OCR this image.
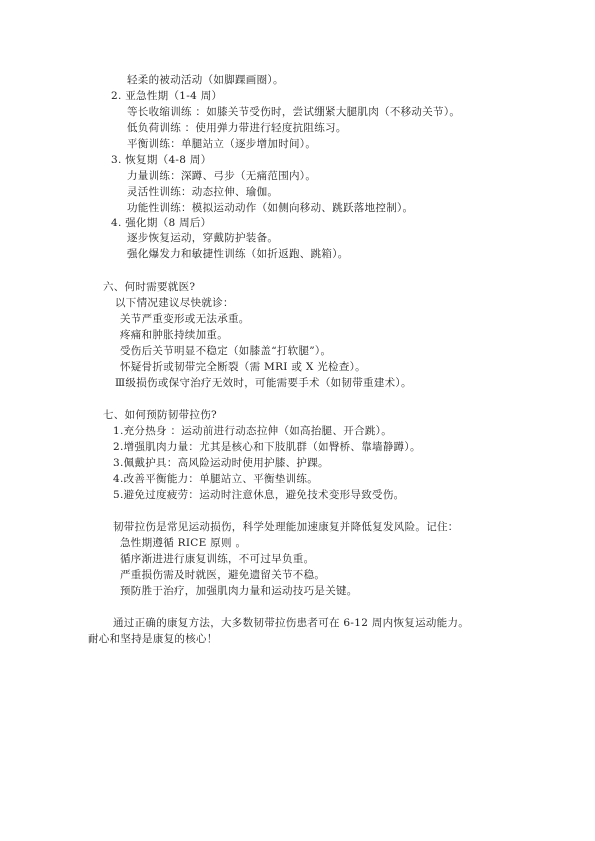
轻柔的被动活动（如脚踝画圈）。
2. 亚急性期（1-4 周）
等长收缩训练 ：如膝关节受伤时，尝试绷紧大腿肌肉（不移动关节）。
低负荷训练 ：使用弹力带进行轻度抗阻练习。
平衡训练：单腿站立（逐步增加时间）。
3. 恢复期（4-8 周）
力量训练：深蹲、弓步（无痛范围内）。
灵活性训练：动态拉伸、瑜伽。
功能性训练：模拟运动动作（如侧向移动、跳跃落地控制）。
4. 强化期（8 周后）
逐步恢复运动，穿戴防护装备。
强化爆发力和敏捷性训练（如折返跑、跳箱）。
六、何时需要就医?
以下情况建议尽快就诊：
关节严重变形或无法承重。
疼痛和肿胀持续加重。
受伤后关节明显不稳定（如膝盖“打软腿”）。
怀疑骨折或韧带完全断裂（需 MRI 或 X 光检查）。
Ⅲ级损伤或保守治疗无效时，可能需要手术（如韧带重建术）。
七、如何预防韧带拉伤?
1.充分热身 ：运动前进行动态拉伸（如高抬腿、开合跳）。
2.增强肌肉力量：尤其是核心和下肢肌群（如臀桥、靠墙静蹲）。
3.佩戴护具：高风险运动时使用护膝、护踝。
4.改善平衡能力：单腿站立、平衡垫训练。
5.避免过度疲劳：运动时注意休息，避免技术变形导致受伤。
韧带拉伤是常见运动损伤，科学处理能加速康复并降低复发风险。记住：
急性期遵循 RICE 原则 。
循序渐进进行康复训练，不可过早负重。
严重损伤需及时就医，避免遗留关节不稳。
预防胜于治疗，加强肌肉力量和运动技巧是关键。
通过正确的康复方法，大多数韧带拉伤患者可在 6-12 周内恢复运动能力。
耐心和坚持是康复的核心！
